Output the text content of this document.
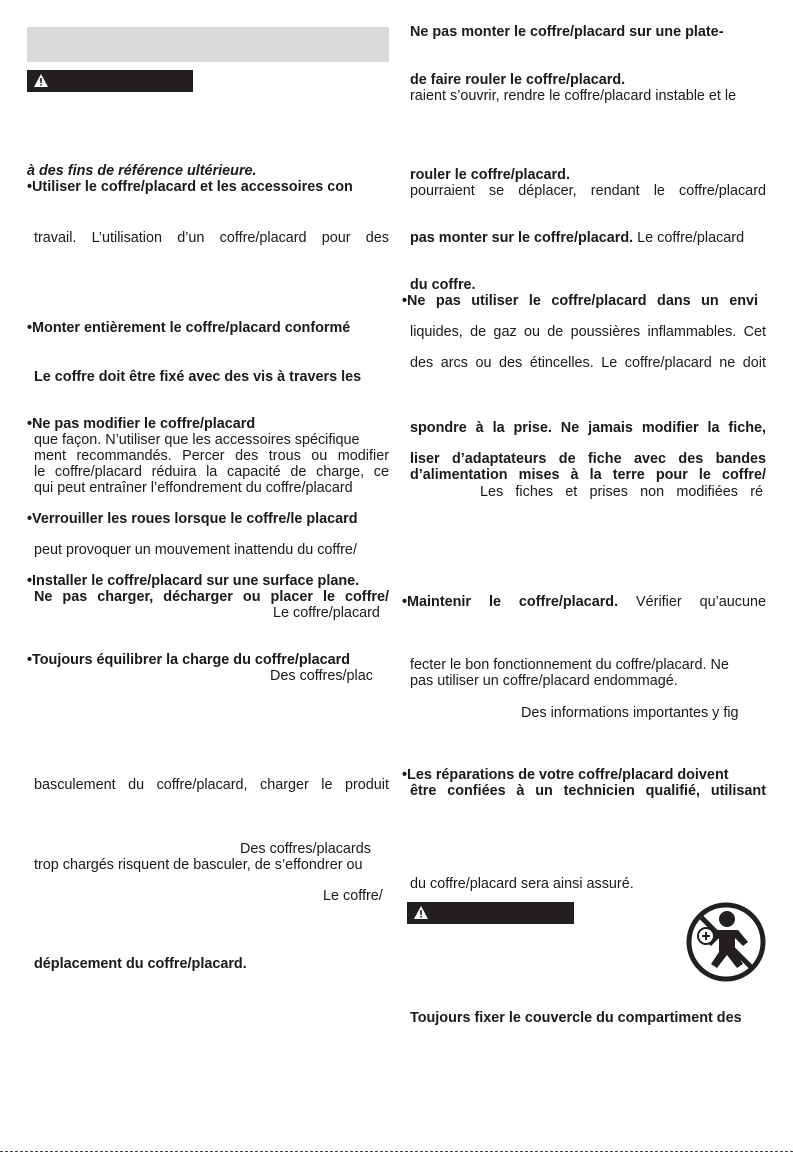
à des fins de référence ultérieure.
•Utiliser le coffre/placard et les accessoires con
travail. L’utilisation d’un coffre/placard pour des
•Monter entièrement le coffre/placard conformé
Le coffre doit être fixé avec des vis à travers les
•Ne pas modifier le coffre/placard
que façon. N’utiliser que les accessoires spécifique
ment recommandés. Percer des trous ou modifier
le coffre/placard réduira la capacité de charge, ce
qui peut entraîner l’effondrement du coffre/placard
•Verrouiller les roues lorsque le coffre/le placard
peut provoquer un mouvement inattendu du coffre/
•Installer le coffre/placard sur une surface plane.
Ne pas charger, décharger ou placer le coffre/
Le coffre/placard
•Toujours équilibrer la charge du coffre/placard
Des coffres/plac
basculement du coffre/placard, charger le produit
Des coffres/placards
trop chargés risquent de basculer, de s’effondrer ou
Le coffre/
déplacement du coffre/placard.
Ne pas monter le coffre/placard sur une plate-
de faire rouler le coffre/placard.
raient s’ouvrir, rendre le coffre/placard instable et le
rouler le coffre/placard.
pourraient se déplacer, rendant le coffre/placard
pas monter sur le coffre/placard. Le coffre/placard
du coffre.
•Ne pas utiliser le coffre/placard dans un envi
liquides, de gaz ou de poussières inflammables. Cet
des arcs ou des étincelles. Le coffre/placard ne doit
spondre à la prise. Ne jamais modifier la fiche,
liser d’adaptateurs de fiche avec des bandes
d’alimentation mises à la terre pour le coffre/
Les fiches et prises non modifiées ré
•Maintenir le coffre/placard. Vérifier qu’aucune
fecter le bon fonctionnement du coffre/placard. Ne
pas utiliser un coffre/placard endommagé.
Des informations importantes y fig
•Les réparations de votre coffre/placard doivent
être confiées à un technicien qualifié, utilisant
du coffre/placard sera ainsi assuré.
Toujours fixer le couvercle du compartiment des
